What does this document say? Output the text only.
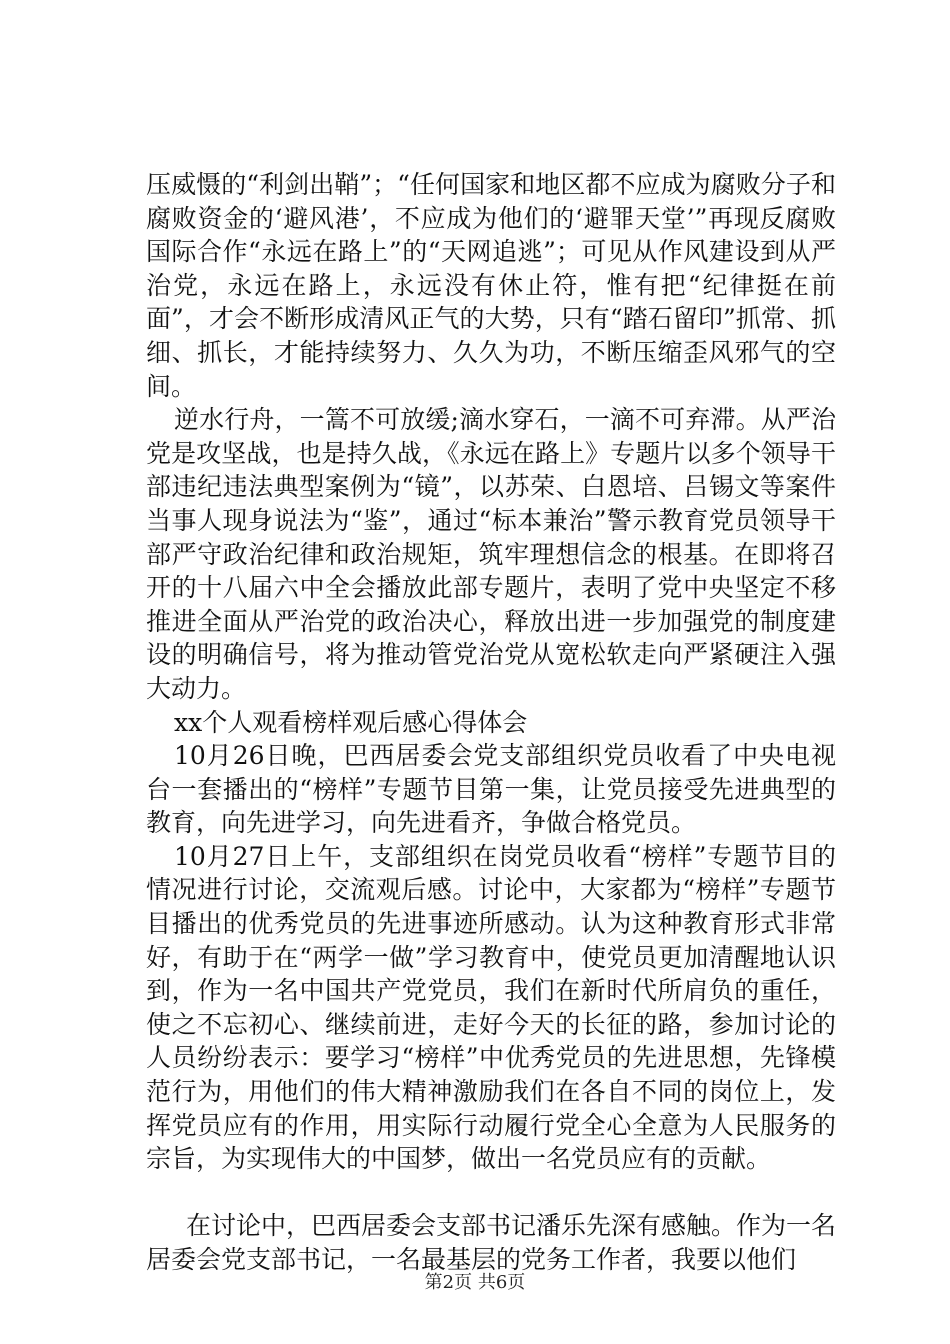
压威慑的“利剑出鞘”；“任何国家和地区都不应成为腐败分子和腐败资金的‘避风港’，不应成为他们的‘避罪天堂’”再现反腐败国际合作“永远在路上”的“天网追逃”；可见从作风建设到从严治党，永远在路上，永远没有休止符，惟有把“纪律挺在前面”，才会不断形成清风正气的大势，只有“踏石留印”抓常、抓细、抓长，才能持续努力、久久为功，不断压缩歪风邪气的空间。

逆水行舟，一篙不可放缓;滴水穿石，一滴不可弃滞。从严治党是攻坚战，也是持久战，《永远在路上》专题片以多个领导干部违纪违法典型案例为“镜”，以苏荣、白恩培、吕锡文等案件当事人现身说法为“鉴”，通过“标本兼治”警示教育党员领导干部严守政治纪律和政治规矩，筑牢理想信念的根基。在即将召开的十八届六中全会播放此部专题片，表明了党中央坚定不移推进全面从严治党的政治决心，释放出进一步加强党的制度建设的明确信号，将为推动管党治党从宽松软走向严紧硬注入强大动力。

xx个人观看榜样观后感心得体会

10月26日晚，巴西居委会党支部组织党员收看了中央电视台一套播出的“榜样”专题节目第一集，让党员接受先进典型的教育，向先进学习，向先进看齐，争做合格党员。

10月27日上午，支部组织在岗党员收看“榜样”专题节目的情况进行讨论，交流观后感。讨论中，大家都为“榜样”专题节目播出的优秀党员的先进事迹所感动。认为这种教育形式非常好，有助于在“两学一做”学习教育中，使党员更加清醒地认识到，作为一名中国共产党党员，我们在新时代所肩负的重任，使之不忘初心、继续前进，走好今天的长征的路，参加讨论的人员纷纷表示：要学习“榜样”中优秀党员的先进思想，先锋模范行为，用他们的伟大精神激励我们在各自不同的岗位上，发挥党员应有的作用，用实际行动履行党全心全意为人民服务的宗旨，为实现伟大的中国梦，做出一名党员应有的贡献。

在讨论中，巴西居委会支部书记潘乐先深有感触。作为一名居委会党支部书记，一名最基层的党务工作者，我要以他们

第2页 共6页
